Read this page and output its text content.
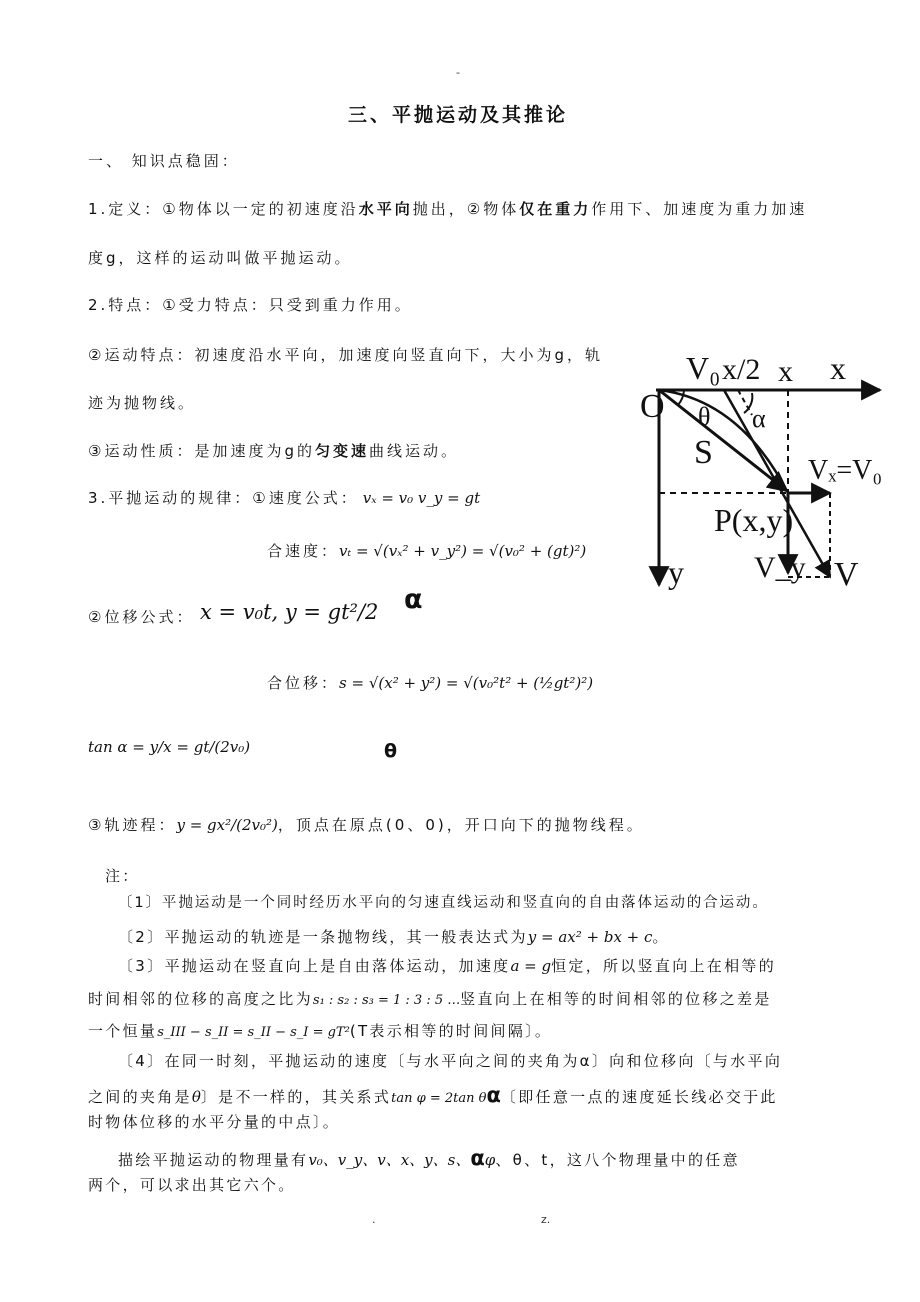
-
三、平抛运动及其推论
一、 知识点稳固：
1.定义：①物体以一定的初速度沿水平向抛出，②物体仅在重力作用下、加速度为重力加速
度g，这样的运动叫做平抛运动。
2.特点：①受力特点：只受到重力作用。
②运动特点：初速度沿水平向，加速度向竖直向下，大小为g，轨
迹为抛物线。
③运动性质：是加速度为g的匀变速曲线运动。
3.平抛运动的规律：①速度公式： vₓ = v₀ v_y = gt
合速度：vₜ = √(vₓ² + v_y²) = √(v₀² + (gt)²)
②位移公式： x = v₀t, y = gt²/2 α
合位移：s = √(x² + y²) = √(v₀²t² + (½gt²)²)
tan α = y/x = gt/(2v₀)	θ
③轨迹程：y = gx²/(2v₀²)，顶点在原点(0、0)，开口向下的抛物线程。
V₀ x/2 x x
O θ α
S	Vₓ=V₀
P(x,y)
V_y
y	V
注：
〔1〕平抛运动是一个同时经历水平向的匀速直线运动和竖直向的自由落体运动的合运动。
〔2〕平抛运动的轨迹是一条抛物线，其一般表达式为y = ax² + bx + c。
〔3〕平抛运动在竖直向上是自由落体运动，加速度a = g恒定，所以竖直向上在相等的
时间相邻的位移的高度之比为s₁ : s₂ : s₃ = 1 : 3 : 5 …竖直向上在相等的时间相邻的位移之差是
一个恒量s_III − s_II = s_II − s_I = gT²(T表示相等的时间间隔〕。
〔4〕在同一时刻，平抛运动的速度〔与水平向之间的夹角为α〕向和位移向〔与水平向
之间的夹角是θ〕是不一样的，其关系式tan φ = 2tan θα〔即任意一点的速度延长线必交于此
时物体位移的水平分量的中点〕。
描绘平抛运动的物理量有v₀、v_y、v、x、y、s、αφ、θ、t，这八个物理量中的任意
两个，可以求出其它六个。
.	z.
